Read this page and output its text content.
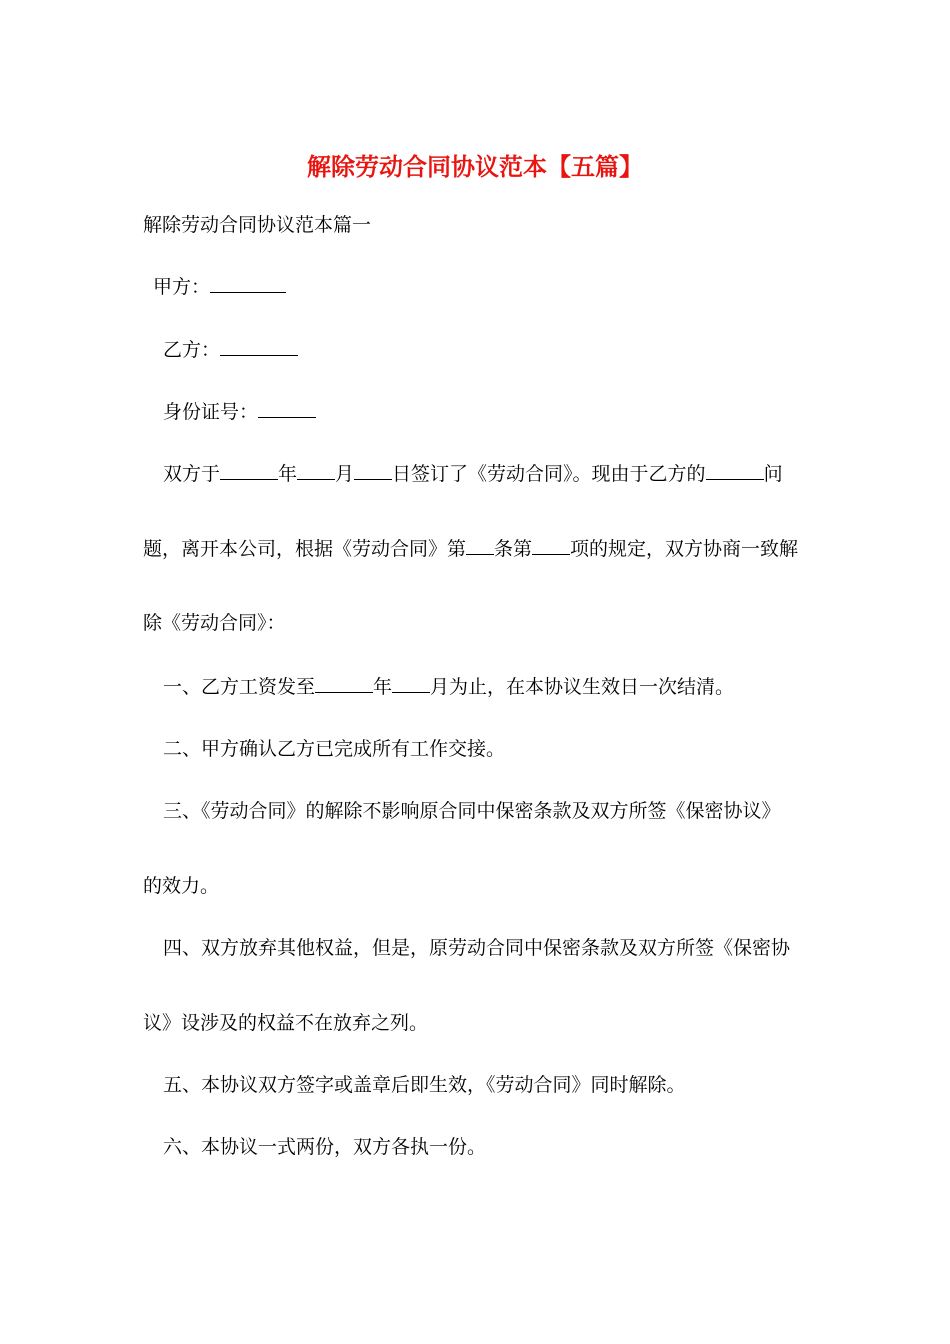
解除劳动合同协议范本【五篇】
解除劳动合同协议范本篇一
甲方：
乙方：
身份证号：
双方于	年 月 日签订了《劳动合同》。现由于乙方的	问
题，离开本公司，根据《劳动合同》第 条第 项的规定，双方协商一致解
除《劳动合同》：
一、乙方工资发至	年 月为止，在本协议生效日一次结清。
二、甲方确认乙方已完成所有工作交接。
三、《劳动合同》的解除不影响原合同中保密条款及双方所签《保密协议》
的效力。
四、双方放弃其他权益，但是，原劳动合同中保密条款及双方所签《保密协
议》设涉及的权益不在放弃之列。
五、本协议双方签字或盖章后即生效，《劳动合同》同时解除。
六、本协议一式两份，双方各执一份。
